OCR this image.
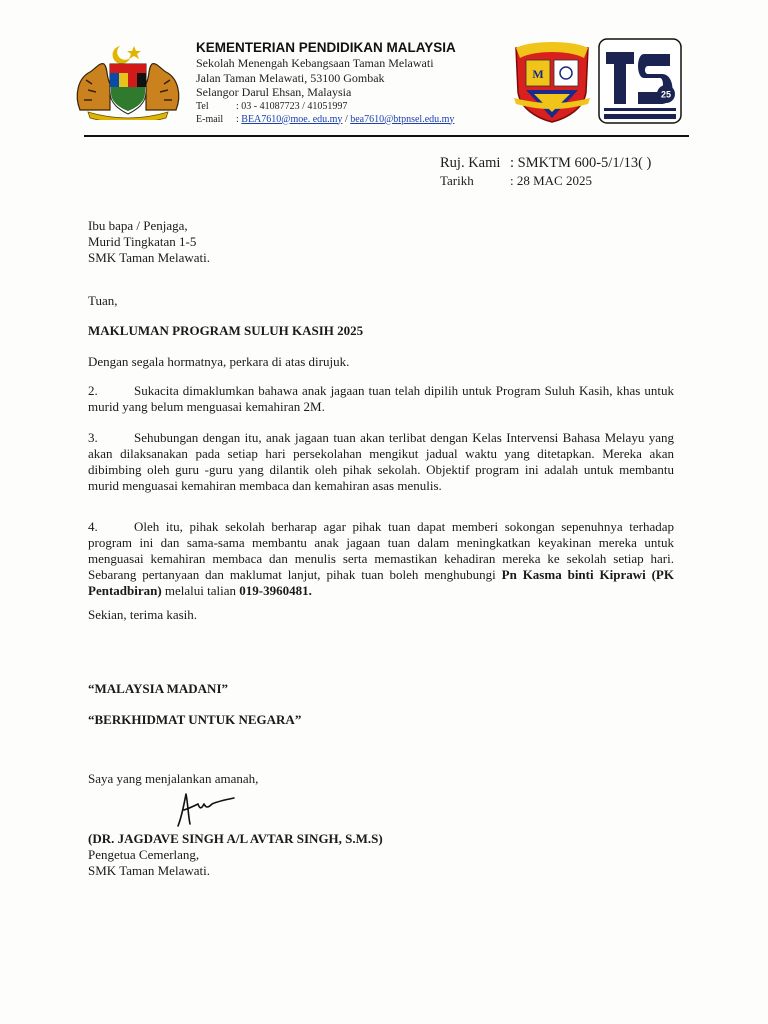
KEMENTERIAN PENDIDIKAN MALAYSIA
Sekolah Menengah Kebangsaan Taman Melawati
Jalan Taman Melawati, 53100 Gombak
Selangor Darul Ehsan, Malaysia
Tel	: 03 - 41087723 / 41051997
E-mail	: BEA7610@moe. edu.my / bea7610@btpnsel.edu.my
M
25
Ruj. Kami : SMKTM 600-5/1/13( )
Tarikh	: 28 MAC 2025
Ibu bapa / Penjaga,
Murid Tingkatan 1-5
SMK Taman Melawati.
Tuan,
MAKLUMAN PROGRAM SULUH KASIH 2025
Dengan segala hormatnya, perkara di atas dirujuk.
2.	Sukacita dimaklumkan bahawa anak jagaan tuan telah dipilih untuk Program Suluh Kasih, khas untuk murid yang belum menguasai kemahiran 2M.
3.	Sehubungan dengan itu, anak jagaan tuan akan terlibat dengan Kelas Intervensi Bahasa Melayu yang akan dilaksanakan pada setiap hari persekolahan mengikut jadual waktu yang ditetapkan. Mereka akan dibimbing oleh guru -guru yang dilantik oleh pihak sekolah. Objektif program ini adalah untuk membantu murid menguasai kemahiran membaca dan kemahiran asas menulis.
4.	Oleh itu, pihak sekolah berharap agar pihak tuan dapat memberi sokongan sepenuhnya terhadap program ini dan sama-sama membantu anak jagaan tuan dalam meningkatkan keyakinan mereka untuk menguasai kemahiran membaca dan menulis serta memastikan kehadiran mereka ke sekolah setiap hari. Sebarang pertanyaan dan maklumat lanjut, pihak tuan boleh menghubungi Pn Kasma binti Kiprawi (PK Pentadbiran) melalui talian 019-3960481.
Sekian, terima kasih.
“MALAYSIA MADANI”
“BERKHIDMAT UNTUK NEGARA”
Saya yang menjalankan amanah,
(DR. JAGDAVE SINGH A/L AVTAR SINGH, S.M.S)
Pengetua Cemerlang,
SMK Taman Melawati.
